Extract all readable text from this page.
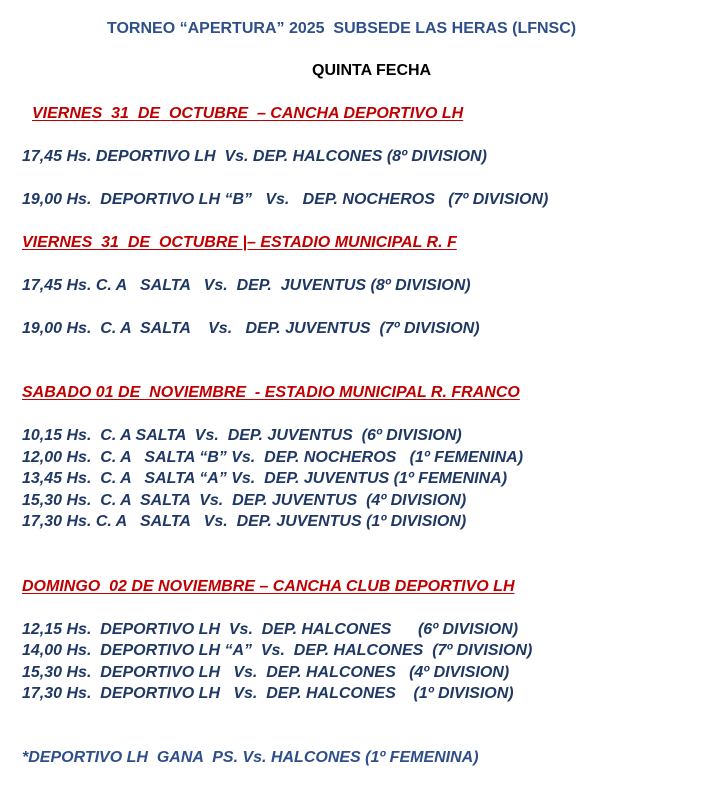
TORNEO “APERTURA” 2025  SUBSEDE LAS HERAS (LFNSC)
QUINTA FECHA
VIERNES  31  DE  OCTUBRE  – CANCHA DEPORTIVO LH
17,45 Hs. DEPORTIVO LH  Vs. DEP. HALCONES (8º DIVISION)
19,00 Hs.  DEPORTIVO LH “B”   Vs.   DEP. NOCHEROS   (7º DIVISION)
VIERNES  31  DE  OCTUBRE |– ESTADIO MUNICIPAL R. F
17,45 Hs. C. A   SALTA   Vs.  DEP.  JUVENTUS (8º DIVISION)
19,00 Hs.  C. A  SALTA    Vs.   DEP. JUVENTUS  (7º DIVISION)
SABADO 01 DE  NOVIEMBRE  - ESTADIO MUNICIPAL R. FRANCO
10,15 Hs.  C. A SALTA  Vs.  DEP. JUVENTUS  (6º DIVISION)
12,00 Hs.  C. A   SALTA “B” Vs.  DEP. NOCHEROS   (1º FEMENINA)
13,45 Hs.  C. A   SALTA “A” Vs.  DEP. JUVENTUS (1º FEMENINA)
15,30 Hs.  C. A  SALTA  Vs.  DEP. JUVENTUS  (4º DIVISION)
17,30 Hs. C. A   SALTA   Vs.  DEP. JUVENTUS (1º DIVISION)
DOMINGO  02 DE NOVIEMBRE – CANCHA CLUB DEPORTIVO LH
12,15 Hs.  DEPORTIVO LH  Vs.  DEP. HALCONES      (6º DIVISION)
14,00 Hs.  DEPORTIVO LH “A”  Vs.  DEP. HALCONES  (7º DIVISION)
15,30 Hs.  DEPORTIVO LH   Vs.  DEP. HALCONES   (4º DIVISION)
17,30 Hs.  DEPORTIVO LH   Vs.  DEP. HALCONES    (1º DIVISION)
*DEPORTIVO LH  GANA  PS. Vs. HALCONES (1º FEMENINA)
